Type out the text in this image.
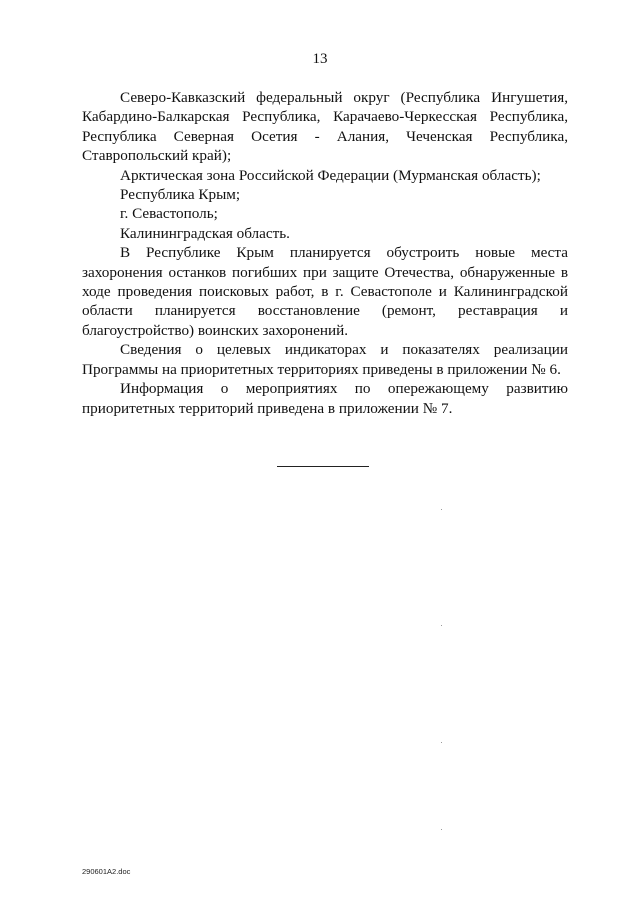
13

Северо-Кавказский федеральный округ (Республика Ингушетия, Кабардино-Балкарская Республика, Карачаево-Черкесская Республика, Республика Северная Осетия - Алания, Чеченская Республика, Ставропольский край);

Арктическая зона Российской Федерации (Мурманская область);

Республика Крым;

г. Севастополь;

Калининградская область.

В Республике Крым планируется обустроить новые места захоронения останков погибших при защите Отечества, обнаруженные в ходе проведения поисковых работ, в г. Севастополе и Калининградской области планируется восстановление (ремонт, реставрация и благоустройство) воинских захоронений.

Сведения о целевых индикаторах и показателях реализации Программы на приоритетных территориях приведены в приложении № 6.

Информация о мероприятиях по опережающему развитию приоритетных территорий приведена в приложении № 7.

290601A2.doc
